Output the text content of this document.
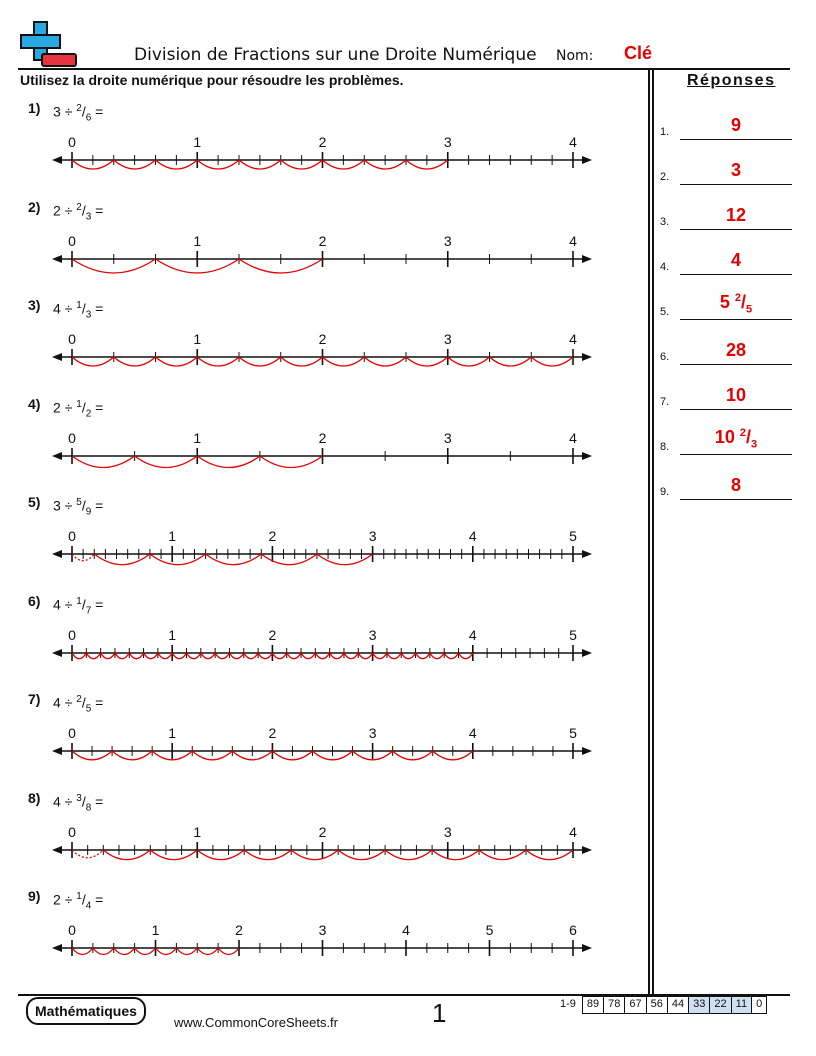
Division de Fractions sur une Droite Numérique Nom: Clé
Utilisez la droite numérique pour résoudre les problèmes.	Réponses
1.	9
2.	3
3.	12
4.	4
5.	5 $^2/_5$
6.	28
7.	10
8.	10 $^2/_3$
9.	8
1) $3 \div ^2/_6$ =
0	1	2	3	4
2) $2 \div ^2/_3$ =
0	1	2	3	4
3) $4 \div ^1/_3$ =
0	1	2	3	4
4) $2 \div ^1/_2$ =
0	1	2	3	4
5) $3 \div ^5/_9$ =
0	1	2	3	4	5
6) $4 \div ^1/_7$ =
0	1	2	3	4	5
7) $4 \div ^2/_5$ =
0	1	2	3	4	5
8) $4 \div ^3/_8$ =
0	1	2	3	4
9) $2 \div ^1/_4$ =
0	1	2	3	4	5	6
Mathématiques
www.CommonCoreSheets.fr	1	1-9	89 78 67 56 44 33 22 11 0
